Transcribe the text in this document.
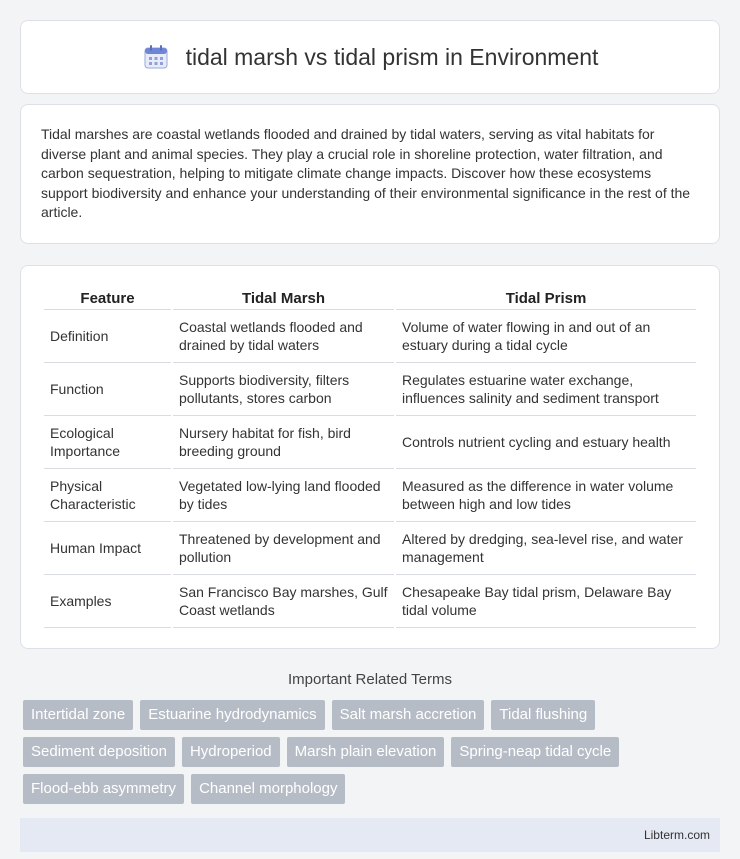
tidal marsh vs tidal prism in Environment

Tidal marshes are coastal wetlands flooded and drained by tidal waters, serving as vital habitats for diverse plant and animal species. They play a crucial role in shoreline protection, water filtration, and carbon sequestration, helping to mitigate climate change impacts. Discover how these ecosystems support biodiversity and enhance your understanding of their environmental significance in the rest of the article.

Feature	Tidal Marsh	Tidal Prism
Definition	Coastal wetlands flooded and drained by tidal waters	Volume of water flowing in and out of an estuary during a tidal cycle
Function	Supports biodiversity, filters pollutants, stores carbon	Regulates estuarine water exchange, influences salinity and sediment transport
Ecological Importance	Nursery habitat for fish, bird breeding ground	Controls nutrient cycling and estuary health
Physical Characteristic	Vegetated low-lying land flooded by tides	Measured as the difference in water volume between high and low tides
Human Impact	Threatened by development and pollution	Altered by dredging, sea-level rise, and water management
Examples	San Francisco Bay marshes, Gulf Coast wetlands	Chesapeake Bay tidal prism, Delaware Bay tidal volume
Important Related Terms
Intertidal zone	Estuarine hydrodynamics	Salt marsh accretion	Tidal flushing
Sediment deposition	Hydroperiod	Marsh plain elevation	Spring-neap tidal cycle
Flood-ebb asymmetry	Channel morphology
Libterm.com
